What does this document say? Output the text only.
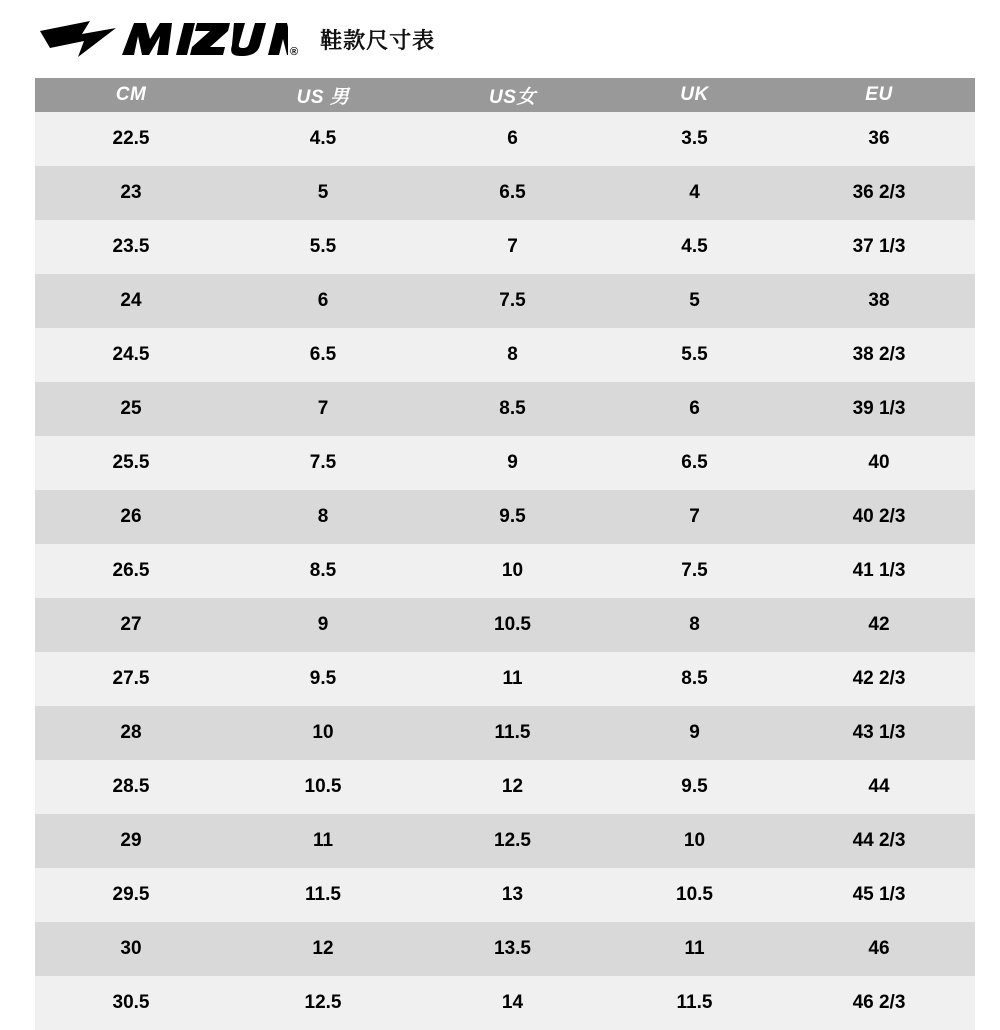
® 鞋款尺寸表
CM	US 男	US女	UK	EU
22.5	4.5	6	3.5	36
23	5	6.5	4	36 2/3
23.5	5.5	7	4.5	37 1/3
24	6	7.5	5	38
24.5	6.5	8	5.5	38 2/3
25	7	8.5	6	39 1/3
25.5	7.5	9	6.5	40
26	8	9.5	7	40 2/3
26.5	8.5	10	7.5	41 1/3
27	9	10.5	8	42
27.5	9.5	11	8.5	42 2/3
28	10	11.5	9	43 1/3
28.5	10.5	12	9.5	44
29	11	12.5	10	44 2/3
29.5	11.5	13	10.5	45 1/3
30	12	13.5	11	46
30.5	12.5	14	11.5	46 2/3
